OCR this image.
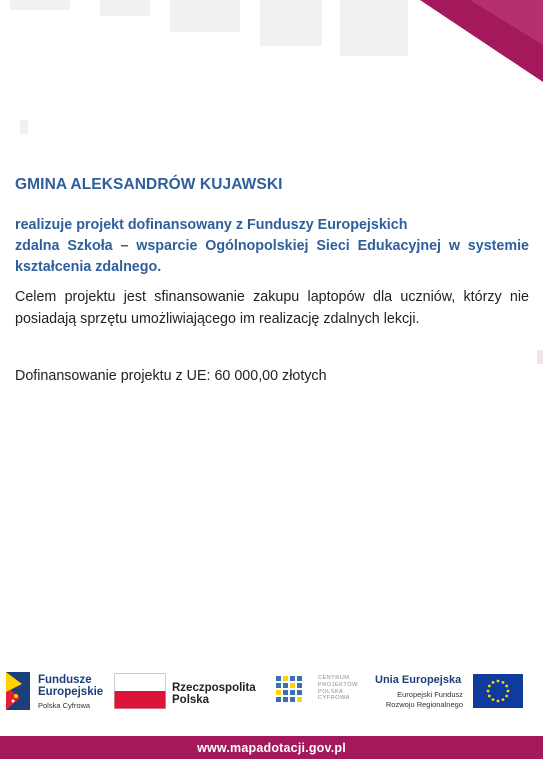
GMINA ALEKSANDRÓW KUJAWSKI
realizuje projekt dofinansowany z Funduszy Europejskich
zdalna Szkoła – wsparcie Ogólnopolskiej Sieci Edukacyjnej w systemie
kształcenia zdalnego.
Celem projektu jest sfinansowanie zakupu laptopów dla uczniów, którzy nie posiadają sprzętu umożliwiającego im realizację zdalnych lekcji.
Dofinansowanie projektu z UE: 60 000,00 złotych
Fundusze
Europejskie
Polska Cyfrowa
Rzeczpospolita
Polska
CENTRUM
PROJEKTÓW
POLSKA
CYFROWA
Unia Europejska
Europejski Fundusz
Rozwoju Regionalnego
www.mapadotacji.gov.pl
